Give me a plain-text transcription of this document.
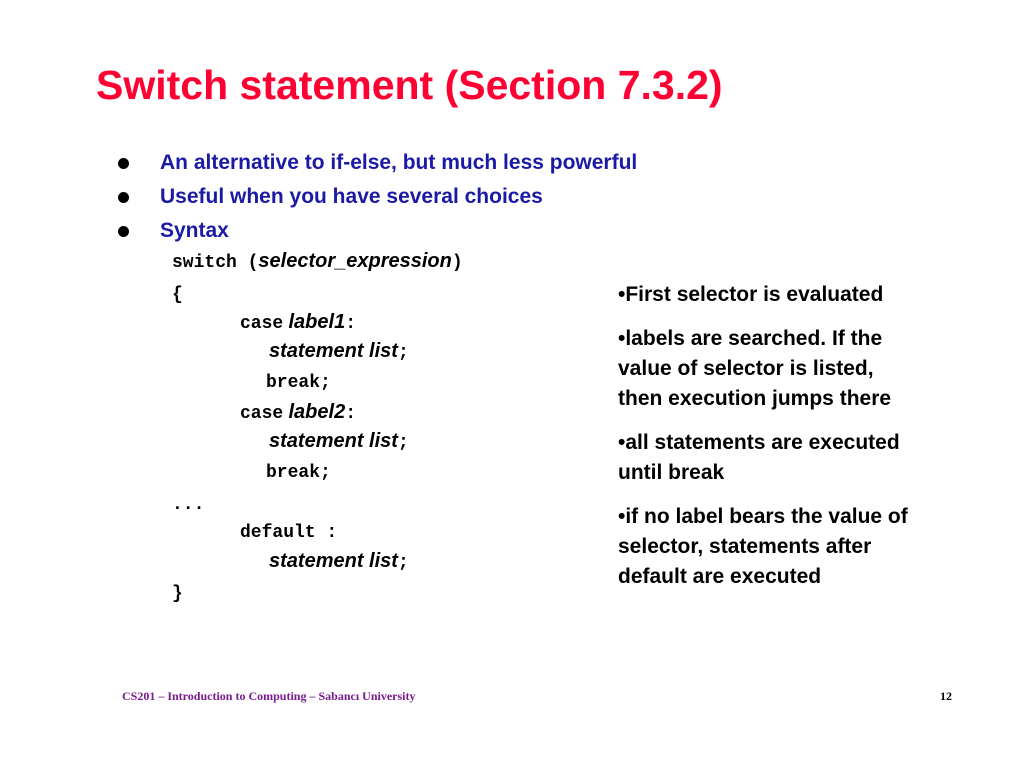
Switch statement (Section 7.3.2)
An alternative to if-else, but much less powerful
Useful when you have several choices
Syntax
switch (selector_expression)
{
case label1:
statement list;
break;
case label2:
statement list;
break;
...
default :
statement list;
}
•First selector is evaluated
•labels are searched. If the
value of selector is listed,
then execution jumps there
•all statements are executed
until break
•if no label bears the value of
selector, statements after
default are executed
CS201 – Introduction to Computing – Sabancı University	12
